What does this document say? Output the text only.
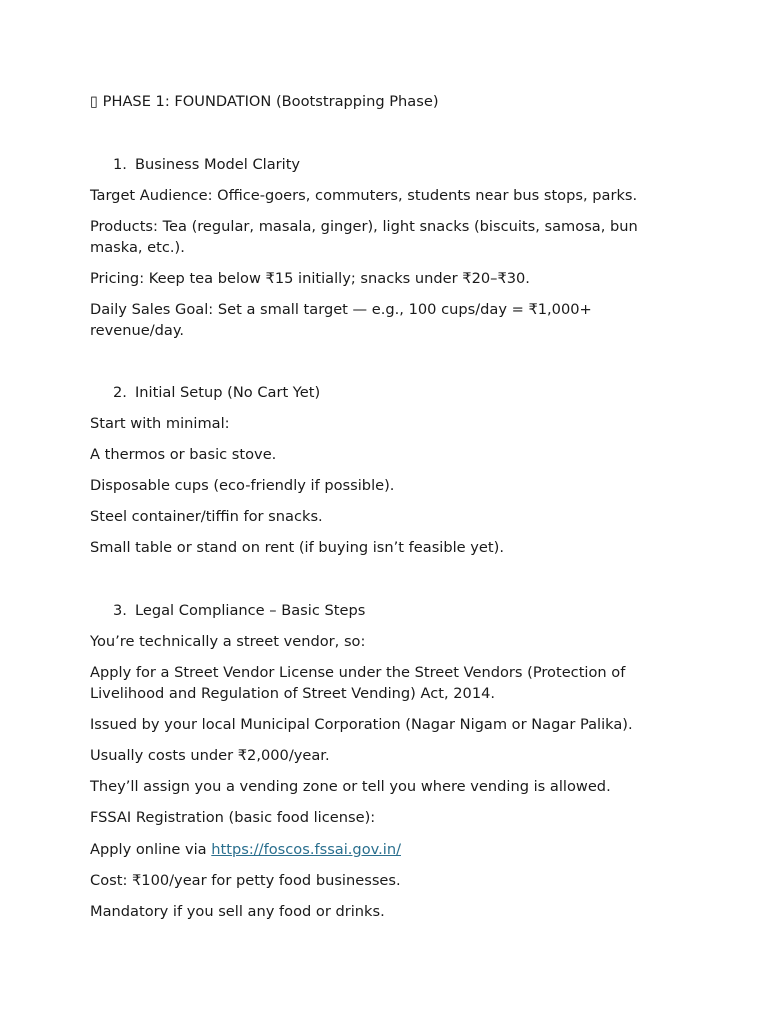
▯ PHASE 1: FOUNDATION (Bootstrapping Phase)
1. Business Model Clarity
Target Audience: Office-goers, commuters, students near bus stops, parks.
Products: Tea (regular, masala, ginger), light snacks (biscuits, samosa, bun maska, etc.).
Pricing: Keep tea below ₹15 initially; snacks under ₹20–₹30.
Daily Sales Goal: Set a small target — e.g., 100 cups/day = ₹1,000+ revenue/day.
2. Initial Setup (No Cart Yet)
Start with minimal:
A thermos or basic stove.
Disposable cups (eco-friendly if possible).
Steel container/tiffin for snacks.
Small table or stand on rent (if buying isn’t feasible yet).
3. Legal Compliance – Basic Steps
You’re technically a street vendor, so:
Apply for a Street Vendor License under the Street Vendors (Protection of Livelihood and Regulation of Street Vending) Act, 2014.
Issued by your local Municipal Corporation (Nagar Nigam or Nagar Palika).
Usually costs under ₹2,000/year.
They’ll assign you a vending zone or tell you where vending is allowed.
FSSAI Registration (basic food license):
Apply online via https://foscos.fssai.gov.in/
Cost: ₹100/year for petty food businesses.
Mandatory if you sell any food or drinks.
